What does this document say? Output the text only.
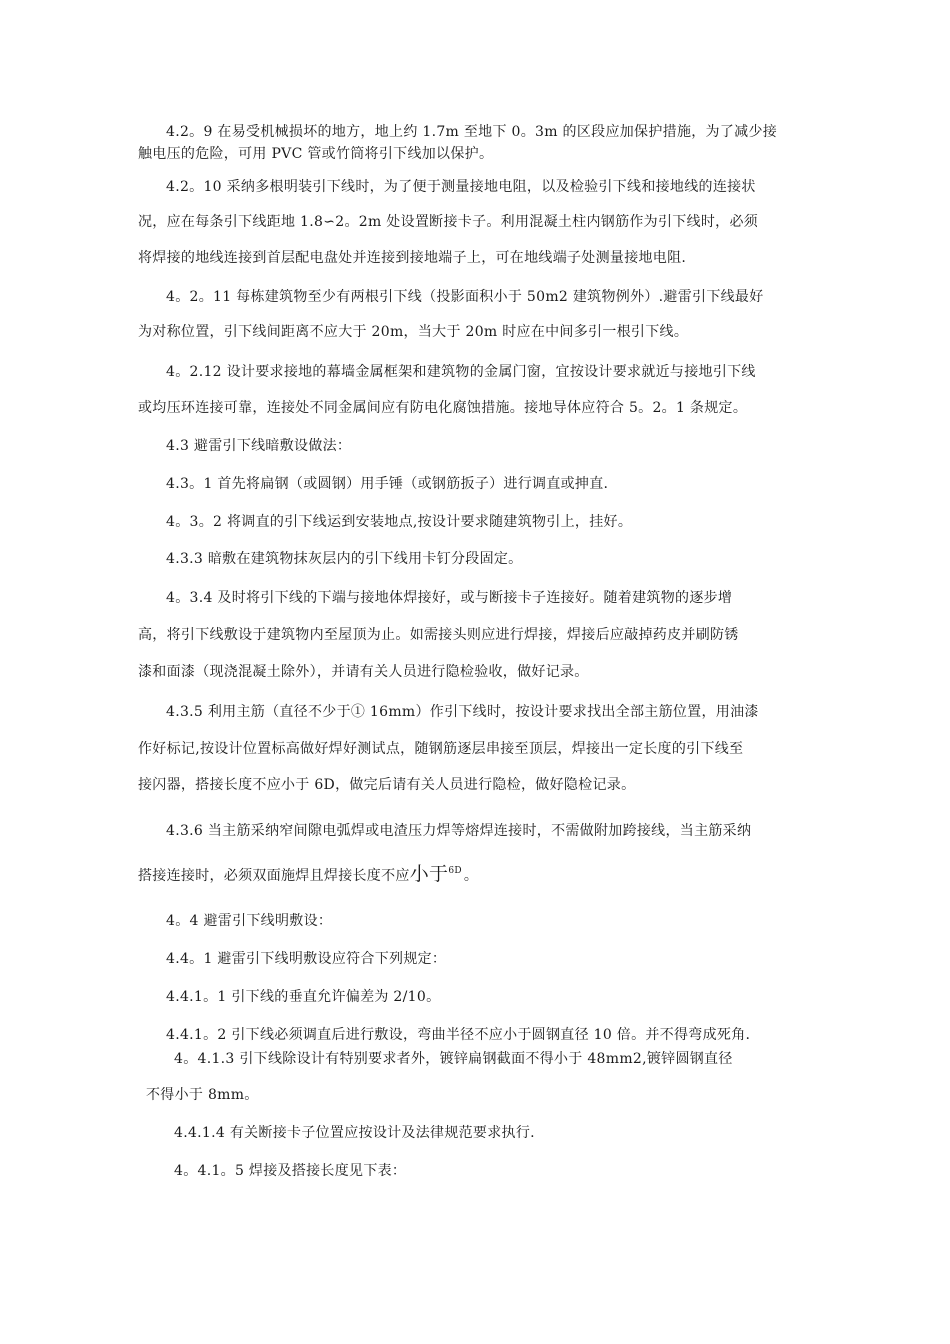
4.2。9 在易受机械损坏的地方，地上约 1.7m 至地下 0。3m 的区段应加保护措施，为了减少接
触电压的危险，可用 PVC 管或竹筒将引下线加以保护。
4.2。10 采纳多根明装引下线时，为了便于测量接地电阻，以及检验引下线和接地线的连接状
况，应在每条引下线距地 1.8∽2。2m 处设置断接卡子。利用混凝土柱内钢筋作为引下线时，必须
将焊接的地线连接到首层配电盘处并连接到接地端子上，可在地线端子处测量接地电阻.
4。2。11 每栋建筑物至少有两根引下线（投影面积小于 50m2 建筑物例外）.避雷引下线最好
为对称位置，引下线间距离不应大于 20m，当大于 20m 时应在中间多引一根引下线。
4。2.12 设计要求接地的幕墙金属框架和建筑物的金属门窗，宜按设计要求就近与接地引下线
或均压环连接可靠，连接处不同金属间应有防电化腐蚀措施。接地导体应符合 5。2。1 条规定。
4.3 避雷引下线暗敷设做法：
4.3。1 首先将扁钢（或圆钢）用手锤（或钢筋扳子）进行调直或抻直.
4。3。2 将调直的引下线运到安装地点,按设计要求随建筑物引上，挂好。
4.3.3 暗敷在建筑物抹灰层内的引下线用卡钉分段固定。
4。3.4 及时将引下线的下端与接地体焊接好，或与断接卡子连接好。随着建筑物的逐步增
高，将引下线敷设于建筑物内至屋顶为止。如需接头则应进行焊接，焊接后应敲掉药皮并刷防锈
漆和面漆（现浇混凝土除外），并请有关人员进行隐检验收，做好记录。
4.3.5 利用主筋（直径不少于① 16mm）作引下线时，按设计要求找出全部主筋位置，用油漆
作好标记,按设计位置标高做好焊好测试点，随钢筋逐层串接至顶层，焊接出一定长度的引下线至
接闪器，搭接长度不应小于 6D，做完后请有关人员进行隐检，做好隐检记录。
4.3.6 当主筋采纳窄间隙电弧焊或电渣压力焊等熔焊连接时，不需做附加跨接线，当主筋采纳
搭接连接时，必须双面施焊且焊接长度不应小于$^{6D}$ 。
4。4 避雷引下线明敷设：
4.4。1 避雷引下线明敷设应符合下列规定：
4.4.1。1 引下线的垂直允许偏差为 2/10。
4.4.1。2 引下线必须调直后进行敷设，弯曲半径不应小于圆钢直径 10 倍。并不得弯成死角.
4。4.1.3 引下线除设计有特别要求者外，镀锌扁钢截面不得小于 48mm2,镀锌圆钢直径
不得小于 8mm。
4.4.1.4 有关断接卡子位置应按设计及法律规范要求执行.
4。4.1。5 焊接及搭接长度见下表：
